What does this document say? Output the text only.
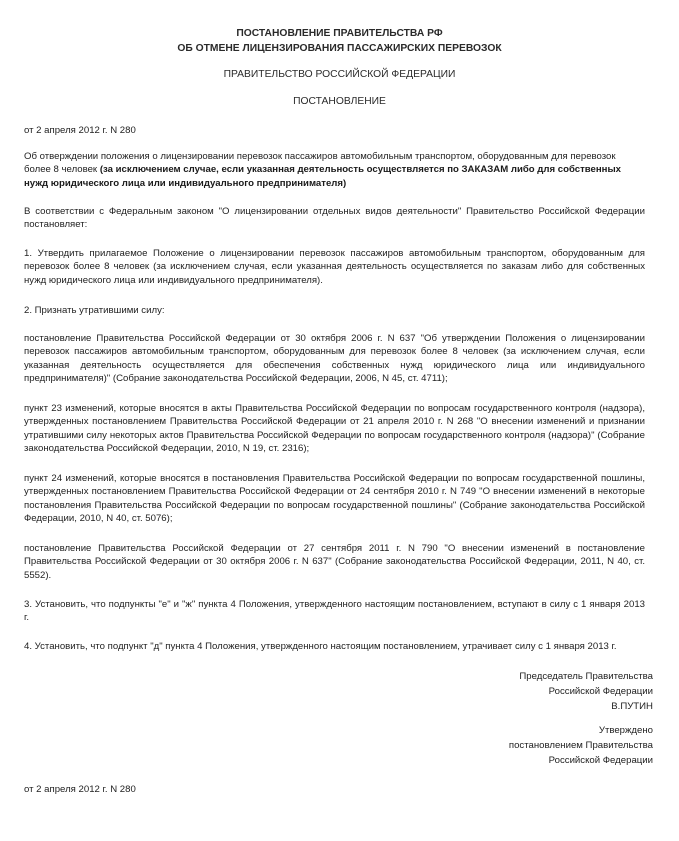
ПОСТАНОВЛЕНИЕ ПРАВИТЕЛЬСТВА РФ
ОБ ОТМЕНЕ ЛИЦЕНЗИРОВАНИЯ ПАССАЖИРСКИХ ПЕРЕВОЗОК
ПРАВИТЕЛЬСТВО РОССИЙСКОЙ ФЕДЕРАЦИИ
ПОСТАНОВЛЕНИЕ
от 2 апреля 2012 г. N 280

Об отверждении положения о лицензировании перевозок пассажиров автомобильным транспортом, оборудованным для перевозок более 8 человек (за исключением случае, если указанная деятельность осуществляется по ЗАКАЗАМ либо для собственных нужд юридического лица или индивидуального предпринимателя)

В соответствии с Федеральным законом "О лицензировании отдельных видов деятельности" Правительство Российской Федерации постановляет:

1. Утвердить прилагаемое Положение о лицензировании перевозок пассажиров автомобильным транспортом, оборудованным для перевозок более 8 человек (за исключением случая, если указанная деятельность осуществляется по заказам либо для собственных нужд юридического лица или индивидуального предпринимателя).

2. Признать утратившими силу:

постановление Правительства Российской Федерации от 30 октября 2006 г. N 637 "Об утверждении Положения о лицензировании перевозок пассажиров автомобильным транспортом, оборудованным для перевозок более 8 человек (за исключением случая, если указанная деятельность осуществляется для обеспечения собственных нужд юридического лица или индивидуального предпринимателя)" (Собрание законодательства Российской Федерации, 2006, N 45, ст. 4711);

пункт 23 изменений, которые вносятся в акты Правительства Российской Федерации по вопросам государственного контроля (надзора), утвержденных постановлением Правительства Российской Федерации от 21 апреля 2010 г. N 268 "О внесении изменений и признании утратившими силу некоторых актов Правительства Российской Федерации по вопросам государственного контроля (надзора)" (Собрание законодательства Российской Федерации, 2010, N 19, ст. 2316);

пункт 24 изменений, которые вносятся в постановления Правительства Российской Федерации по вопросам государственной пошлины, утвержденных постановлением Правительства Российской Федерации от 24 сентября 2010 г. N 749 "О внесении изменений в некоторые постановления Правительства Российской Федерации по вопросам государственной пошлины" (Собрание законодательства Российской Федерации, 2010, N 40, ст. 5076);

постановление Правительства Российской Федерации от 27 сентября 2011 г. N 790 "О внесении изменений в постановление Правительства Российской Федерации от 30 октября 2006 г. N 637" (Собрание законодательства Российской Федерации, 2011, N 40, ст. 5552).

3. Установить, что подпункты "е" и "ж" пункта 4 Положения, утвержденного настоящим постановлением, вступают в силу с 1 января 2013 г.

4. Установить, что подпункт "д" пункта 4 Положения, утвержденного настоящим постановлением, утрачивает силу с 1 января 2013 г.

Председатель Правительства
Российской Федерации
В.ПУТИН
Утверждено
постановлением Правительства
Российской Федерации
от 2 апреля 2012 г. N 280
